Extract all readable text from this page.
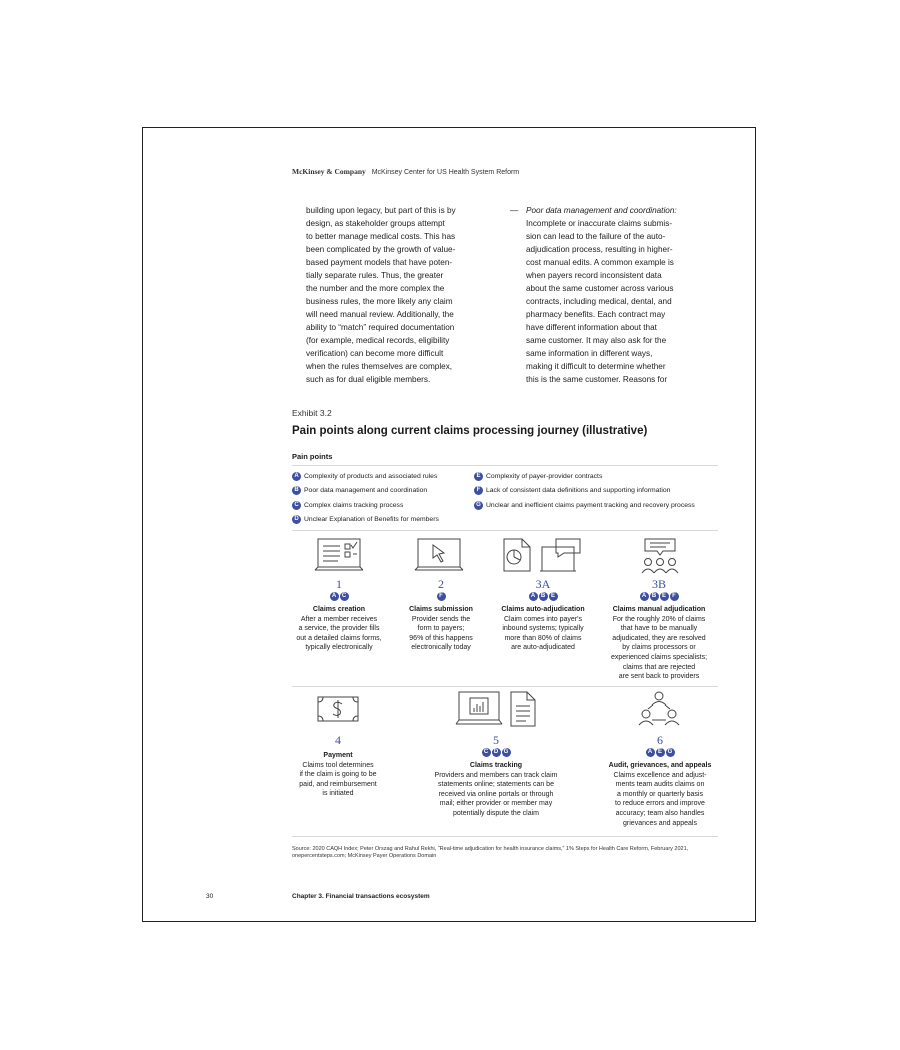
McKinsey & Company McKinsey Center for US Health System Reform

building upon legacy, but part of this is by

design, as stakeholder groups attempt

to better manage medical costs. This has

been complicated by the growth of value-

based payment models that have poten-

tially separate rules. Thus, the greater

the number and the more complex the

business rules, the more likely any claim

will need manual review. Additionally, the

ability to “match” required documentation

(for example, medical records, eligibility

verification) can become more difficult

when the rules themselves are complex,

such as for dual eligible members.

— Poor data management and coordination:

Incomplete or inaccurate claims submis-

sion can lead to the failure of the auto-

adjudication process, resulting in higher-

cost manual edits. A common example is

when payers record inconsistent data

about the same customer across various

contracts, including medical, dental, and

pharmacy benefits. Each contract may

have different information about that

same customer. It may also ask for the

same information in different ways,

making it difficult to determine whether

this is the same customer. Reasons for

Exhibit 3.2
Pain points along current claims processing journey (illustrative)
Pain points
A Complexity of products and associated rules
B Poor data management and coordination
C Complex claims tracking process
D Unclear Explanation of Benefits for members
E Complexity of payer-provider contracts
F Lack of consistent data definitions and supporting information
G Unclear and inefficient claims payment tracking and recovery process
1
A C
Claims creation
After a member receives
a service, the provider fills
out a detailed claims forms,
typically electronically
2
F
Claims submission
Provider sends the
form to payers;
96% of this happens
electronically today
3A
A B E
Claims auto-adjudication
Claim comes into payer's
inbound systems; typically
more than 80% of claims
are auto-adjudicated
3B
A B E	F
Claims manual adjudication
For the roughly 20% of claims
that have to be manually
adjudicated, they are resolved
by claims processors or
experienced claims specialists;
claims that are rejected
are sent back to providers
4
Payment
Claims tool determines
if the claim is going to be
paid, and reimbursement
is initiated
5
C D G
Claims tracking
Providers and members can track claim
statements online; statements can be
received via online portals or through
mail; either provider or member may
potentially dispute the claim
6
A E G
Audit, grievances, and appeals
Claims excellence and adjust-
ments team audits claims on
a monthly or quarterly basis
to reduce errors and improve
accuracy; team also handles
grievances and appeals
Source: 2020 CAQH Index; Peter Orszag and Rahul Rekhi, “Real-time adjudication for health insurance claims,” 1% Steps for Health Care Reform, February 2021, onepercentsteps.com; McKinsey Payer Operations Domain
30	Chapter 3. Financial transactions ecosystem
